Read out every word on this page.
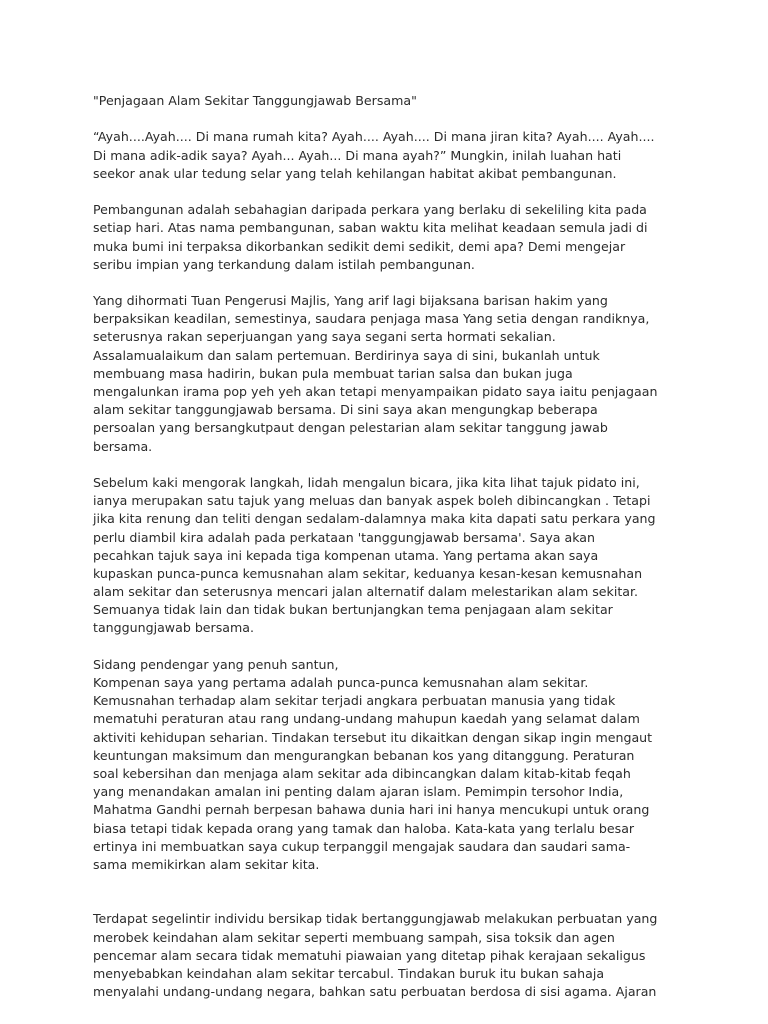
"Penjagaan Alam Sekitar Tanggungjawab Bersama"
“Ayah....Ayah.... Di mana rumah kita? Ayah.... Ayah.... Di mana jiran kita? Ayah.... Ayah....
Di mana adik-adik saya? Ayah... Ayah... Di mana ayah?” Mungkin, inilah luahan hati
seekor anak ular tedung selar yang telah kehilangan habitat akibat pembangunan.
Pembangunan adalah sebahagian daripada perkara yang berlaku di sekeliling kita pada
setiap hari. Atas nama pembangunan, saban waktu kita melihat keadaan semula jadi di
muka bumi ini terpaksa dikorbankan sedikit demi sedikit, demi apa? Demi mengejar
seribu impian yang terkandung dalam istilah pembangunan.
Yang dihormati Tuan Pengerusi Majlis, Yang arif lagi bijaksana barisan hakim yang
berpaksikan keadilan, semestinya, saudara penjaga masa Yang setia dengan randiknya,
seterusnya rakan seperjuangan yang saya segani serta hormati sekalian.
Assalamualaikum dan salam pertemuan. Berdirinya saya di sini, bukanlah untuk
membuang masa hadirin, bukan pula membuat tarian salsa dan bukan juga
mengalunkan irama pop yeh yeh akan tetapi menyampaikan pidato saya iaitu penjagaan
alam sekitar tanggungjawab bersama. Di sini saya akan mengungkap beberapa
persoalan yang bersangkutpaut dengan pelestarian alam sekitar tanggung jawab
bersama.
Sebelum kaki mengorak langkah, lidah mengalun bicara, jika kita lihat tajuk pidato ini,
ianya merupakan satu tajuk yang meluas dan banyak aspek boleh dibincangkan . Tetapi
jika kita renung dan teliti dengan sedalam-dalamnya maka kita dapati satu perkara yang
perlu diambil kira adalah pada perkataan 'tanggungjawab bersama'. Saya akan
pecahkan tajuk saya ini kepada tiga kompenan utama. Yang pertama akan saya
kupaskan punca-punca kemusnahan alam sekitar, keduanya kesan-kesan kemusnahan
alam sekitar dan seterusnya mencari jalan alternatif dalam melestarikan alam sekitar.
Semuanya tidak lain dan tidak bukan bertunjangkan tema penjagaan alam sekitar
tanggungjawab bersama.
Sidang pendengar yang penuh santun,
Kompenan saya yang pertama adalah punca-punca kemusnahan alam sekitar.
Kemusnahan terhadap alam sekitar terjadi angkara perbuatan manusia yang tidak
mematuhi peraturan atau rang undang-undang mahupun kaedah yang selamat dalam
aktiviti kehidupan seharian. Tindakan tersebut itu dikaitkan dengan sikap ingin mengaut
keuntungan maksimum dan mengurangkan bebanan kos yang ditanggung. Peraturan
soal kebersihan dan menjaga alam sekitar ada dibincangkan dalam kitab-kitab feqah
yang menandakan amalan ini penting dalam ajaran islam. Pemimpin tersohor India,
Mahatma Gandhi pernah berpesan bahawa dunia hari ini hanya mencukupi untuk orang
biasa tetapi tidak kepada orang yang tamak dan haloba. Kata-kata yang terlalu besar
ertinya ini membuatkan saya cukup terpanggil mengajak saudara dan saudari sama-
sama memikirkan alam sekitar kita.
Terdapat segelintir individu bersikap tidak bertanggungjawab melakukan perbuatan yang
merobek keindahan alam sekitar seperti membuang sampah, sisa toksik dan agen
pencemar alam secara tidak mematuhi piawaian yang ditetap pihak kerajaan sekaligus
menyebabkan keindahan alam sekitar tercabul. Tindakan buruk itu bukan sahaja
menyalahi undang-undang negara, bahkan satu perbuatan berdosa di sisi agama. Ajaran
